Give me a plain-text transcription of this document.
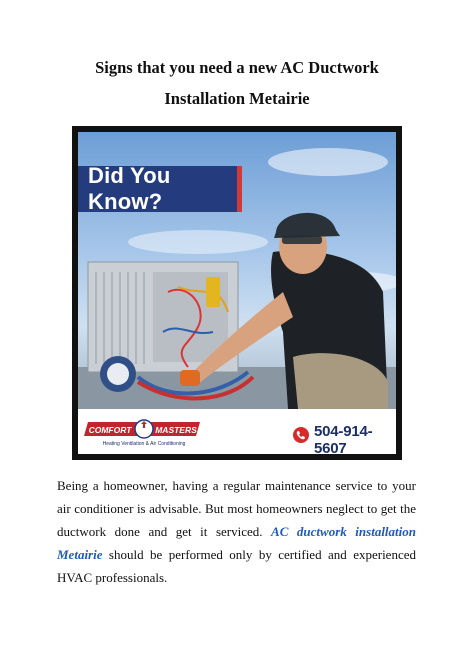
Signs that you need a new AC Ductwork
Installation Metairie
Did You Know?
COMFORT	MASTERS
Heating Ventilation & Air Conditioning
504-914-5607
Being a homeowner, having a regular maintenance service to your air conditioner is advisable. But most homeowners neglect to get the ductwork done and get it serviced. AC ductwork installation Metairie should be performed only by certified and experienced HVAC professionals.
